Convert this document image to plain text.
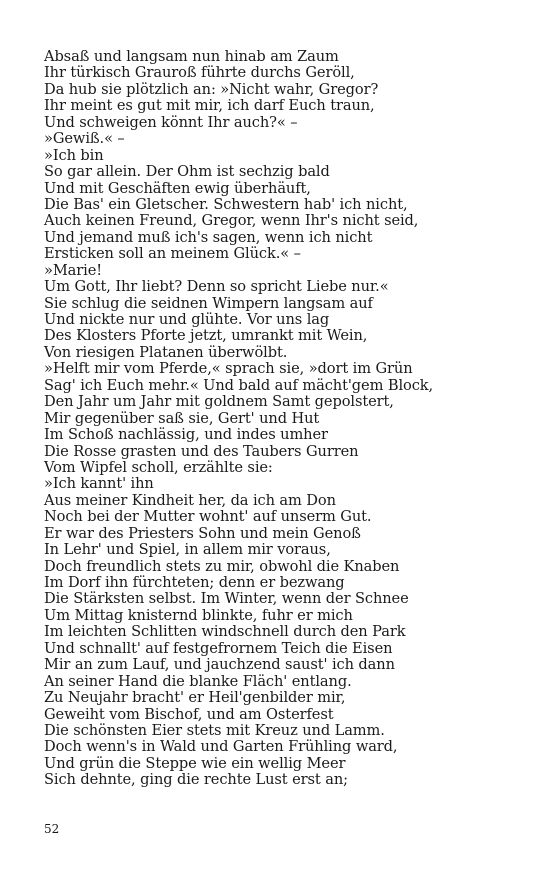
Absaß und langsam nun hinab am Zaum
Ihr türkisch Grauroß führte durchs Geröll,
Da hub sie plötzlich an: »Nicht wahr, Gregor?
Ihr meint es gut mit mir, ich darf Euch traun,
Und schweigen könnt Ihr auch?« –
»Gewiß.« –
»Ich bin
So gar allein. Der Ohm ist sechzig bald
Und mit Geschäften ewig überhäuft,
Die Bas' ein Gletscher. Schwestern hab' ich nicht,
Auch keinen Freund, Gregor, wenn Ihr's nicht seid,
Und jemand muß ich's sagen, wenn ich nicht
Ersticken soll an meinem Glück.« –
»Marie!
Um Gott, Ihr liebt? Denn so spricht Liebe nur.«
Sie schlug die seidnen Wimpern langsam auf
Und nickte nur und glühte. Vor uns lag
Des Klosters Pforte jetzt, umrankt mit Wein,
Von riesigen Platanen überwölbt.
»Helft mir vom Pferde,« sprach sie, »dort im Grün
Sag' ich Euch mehr.« Und bald auf mächt'gem Block,
Den Jahr um Jahr mit goldnem Samt gepolstert,
Mir gegenüber saß sie, Gert' und Hut
Im Schoß nachlässig, und indes umher
Die Rosse grasten und des Taubers Gurren
Vom Wipfel scholl, erzählte sie:
»Ich kannt' ihn
Aus meiner Kindheit her, da ich am Don
Noch bei der Mutter wohnt' auf unserm Gut.
Er war des Priesters Sohn und mein Genoß
In Lehr' und Spiel, in allem mir voraus,
Doch freundlich stets zu mir, obwohl die Knaben
Im Dorf ihn fürchteten; denn er bezwang
Die Stärksten selbst. Im Winter, wenn der Schnee
Um Mittag knisternd blinkte, fuhr er mich
Im leichten Schlitten windschnell durch den Park
Und schnallt' auf festgefrornem Teich die Eisen
Mir an zum Lauf, und jauchzend saust' ich dann
An seiner Hand die blanke Fläch' entlang.
Zu Neujahr bracht' er Heil'genbilder mir,
Geweiht vom Bischof, und am Osterfest
Die schönsten Eier stets mit Kreuz und Lamm.
Doch wenn's in Wald und Garten Frühling ward,
Und grün die Steppe wie ein wellig Meer
Sich dehnte, ging die rechte Lust erst an;
52
